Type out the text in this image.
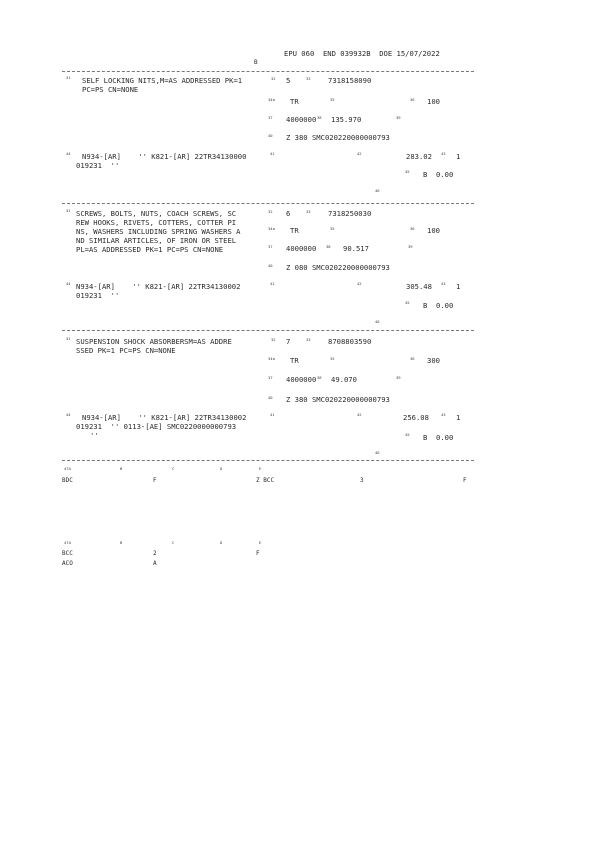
EPU 060  END 039932B  DOE 15/07/2022
B
31 SELF LOCKING NITS,M=AS ADDRESSED PK=1
PC=PS CN=NONE
32 5	33 7318158090
34a TR	35	36 100
37 4000000 38 135.970	39
40 Z 380 SMC020220000000793
44 N934-[AR]    '' K821-[AR] 22TR34130000
019231  ''
41	42	283.02 43 1
45 B  0.00
46
31 SCREWS, BOLTS, NUTS, COACH SCREWS, SC
REW HOOKS, RIVETS, COTTERS, COTTER PI
NS, WASHERS INCLUDING SPRING WASHERS A
ND SIMILAR ARTICLES, OF IRON OR STEEL
PL=AS ADDRESSED PK=1 PC=PS CN=NONE
32 6	33 7318250030
34a TR	35	36 100
37 4000000	38 90.517	39
40 Z 080 SMC020220000000793
44 N934-[AR]    '' K821-[AR] 22TR34130002
019231  ''
41	42	305.48 43 1
45 B  0.00
46
31 SUSPENSION SHOCK ABSORBERSM=AS ADDRE
SSED PK=1 PC=PS CN=NONE
32 7	33 8708803590
34a TR	35	36 300
37 4000000 38 49.070	39
40 Z 380 SMC020220000000793
44 N934-[AR]    '' K821-[AR] 22TR34130002
019231  '' 0113-[AE] SMC0220000000793
''
41	42	256.08	43 1
45 B  0.00
46
47A	B	C	D	E
BDC	F	Z BCC	3	F
47A	B	C	D	E
BCC	2	F
ACO	A
